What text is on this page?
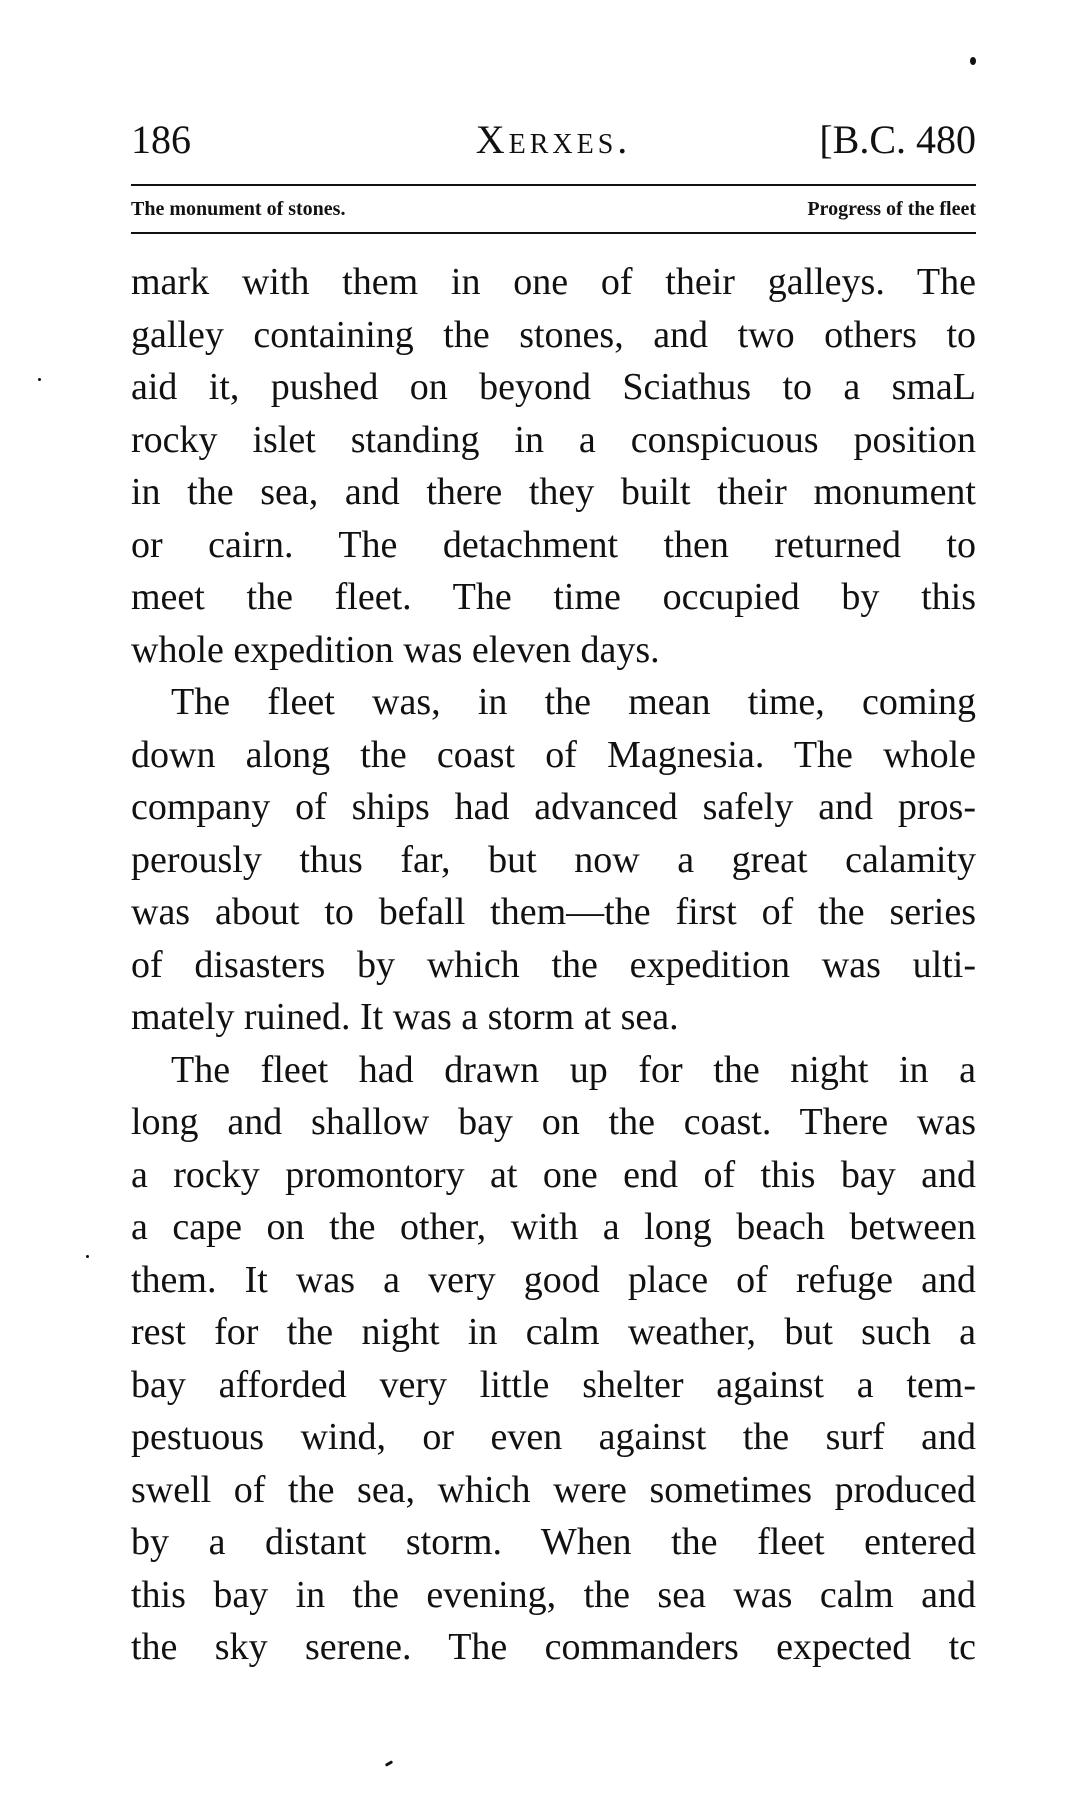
186	Xerxes.	[B.C. 480
The monument of stones.	Progress of the fleet
mark with them in one of their galleys. The
galley containing the stones, and two others to
aid it, pushed on beyond Sciathus to a smaL
rocky islet standing in a conspicuous position
in the sea, and there they built their monument
or cairn. The detachment then returned to
meet the fleet. The time occupied by this
whole expedition was eleven days.
The fleet was, in the mean time, coming
down along the coast of Magnesia. The whole
company of ships had advanced safely and pros-
perously thus far, but now a great calamity
was about to befall them—the first of the series
of disasters by which the expedition was ulti-
mately ruined. It was a storm at sea.
The fleet had drawn up for the night in a
long and shallow bay on the coast. There was
a rocky promontory at one end of this bay and
a cape on the other, with a long beach between
them. It was a very good place of refuge and
rest for the night in calm weather, but such a
bay afforded very little shelter against a tem-
pestuous wind, or even against the surf and
swell of the sea, which were sometimes produced
by a distant storm. When the fleet entered
this bay in the evening, the sea was calm and
the sky serene. The commanders expected tc
